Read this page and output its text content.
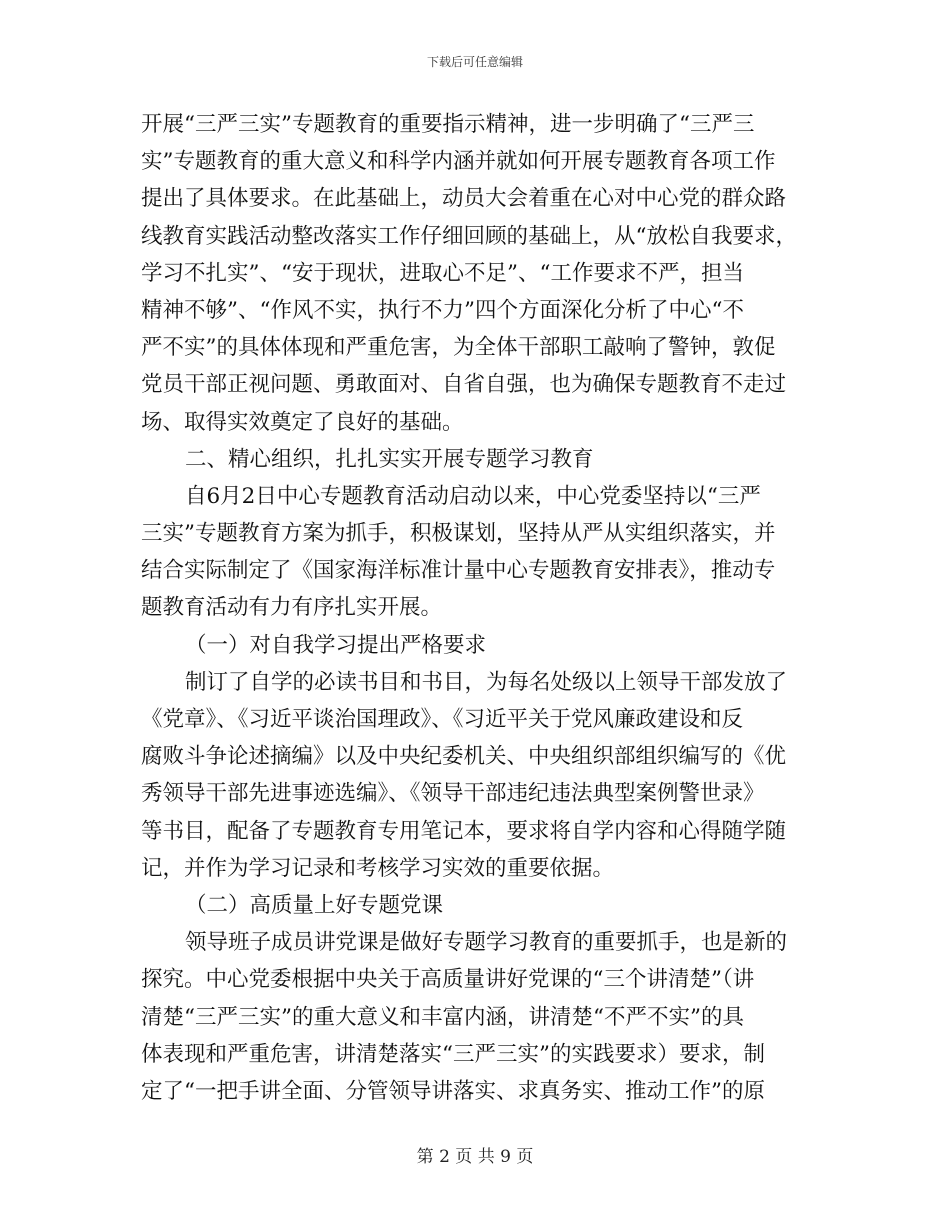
下载后可任意编辑
开展“三严三实”专题教育的重要指示精神，进一步明确了“三严三
实”专题教育的重大意义和科学内涵并就如何开展专题教育各项工作
提出了具体要求。在此基础上，动员大会着重在心对中心党的群众路
线教育实践活动整改落实工作仔细回顾的基础上，从“放松自我要求，
学习不扎实”、“安于现状，进取心不足”、“工作要求不严，担当
精神不够”、“作风不实，执行不力”四个方面深化分析了中心“不
严不实”的具体体现和严重危害，为全体干部职工敲响了警钟，敦促
党员干部正视问题、勇敢面对、自省自强，也为确保专题教育不走过
场、取得实效奠定了良好的基础。
二、精心组织，扎扎实实开展专题学习教育
自6月2日中心专题教育活动启动以来，中心党委坚持以“三严
三实”专题教育方案为抓手，积极谋划，坚持从严从实组织落实，并
结合实际制定了《国家海洋标准计量中心专题教育安排表》，推动专
题教育活动有力有序扎实开展。
（一）对自我学习提出严格要求
制订了自学的必读书目和书目，为每名处级以上领导干部发放了
《党章》、《习近平谈治国理政》、《习近平关于党风廉政建设和反
腐败斗争论述摘编》以及中央纪委机关、中央组织部组织编写的《优
秀领导干部先进事迹选编》、《领导干部违纪违法典型案例警世录》
等书目，配备了专题教育专用笔记本，要求将自学内容和心得随学随
记，并作为学习记录和考核学习实效的重要依据。
（二）高质量上好专题党课
领导班子成员讲党课是做好专题学习教育的重要抓手，也是新的
探究。中心党委根据中央关于高质量讲好党课的“三个讲清楚”（讲
清楚“三严三实”的重大意义和丰富内涵，讲清楚“不严不实”的具
体表现和严重危害，讲清楚落实“三严三实”的实践要求）要求，制
定了“一把手讲全面、分管领导讲落实、求真务实、推动工作”的原
第 2 页 共 9 页
